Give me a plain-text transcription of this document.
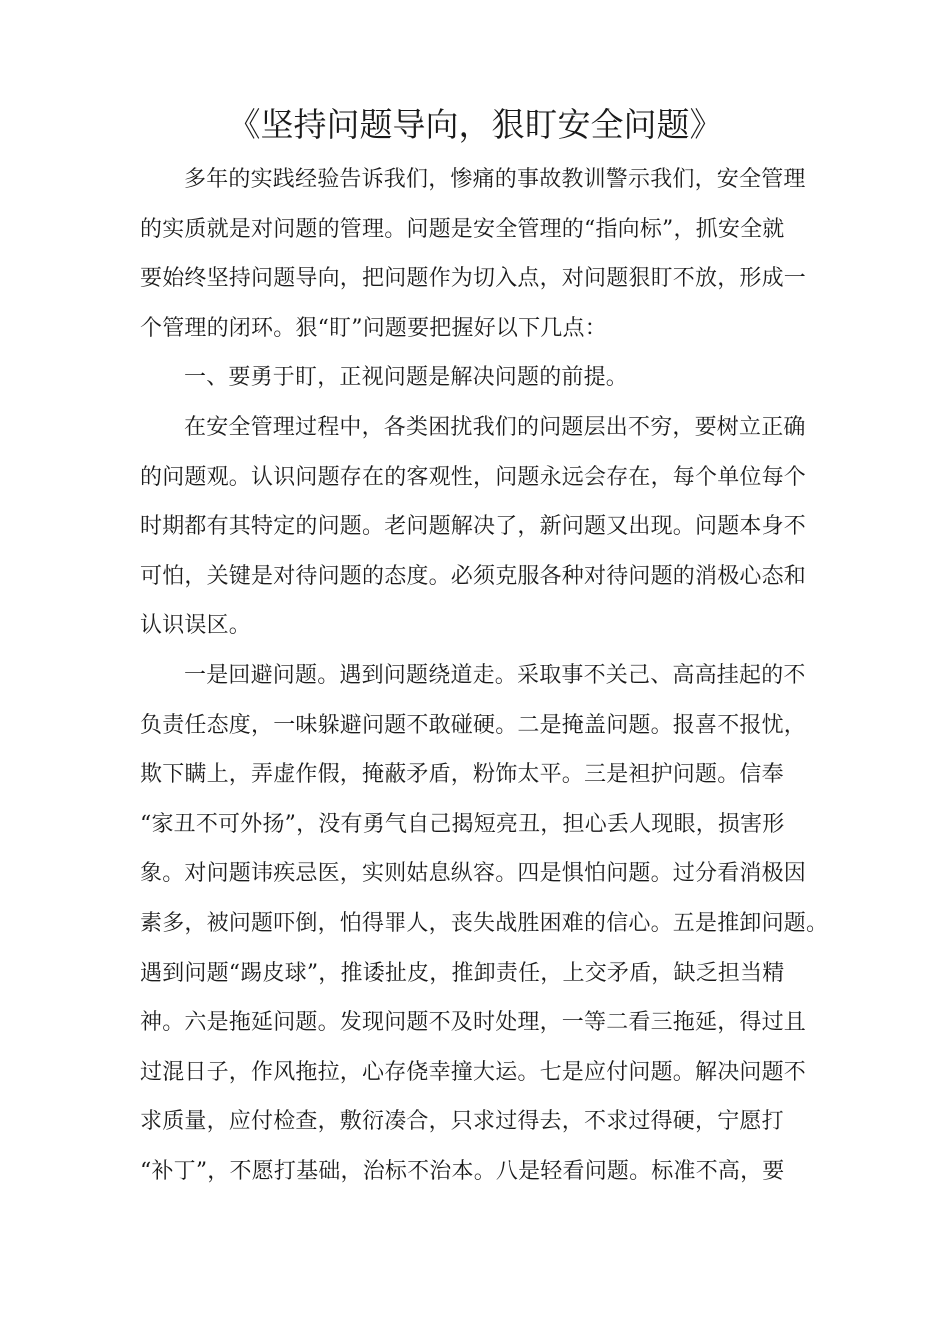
《坚持问题导向，狠盯安全问题》

多年的实践经验告诉我们，惨痛的事故教训警示我们，安全管理
的实质就是对问题的管理。问题是安全管理的“指向标”，抓安全就
要始终坚持问题导向，把问题作为切入点，对问题狠盯不放，形成一
个管理的闭环。狠“盯”问题要把握好以下几点：

一、要勇于盯，正视问题是解决问题的前提。

在安全管理过程中，各类困扰我们的问题层出不穷，要树立正确
的问题观。认识问题存在的客观性，问题永远会存在，每个单位每个
时期都有其特定的问题。老问题解决了，新问题又出现。问题本身不
可怕，关键是对待问题的态度。必须克服各种对待问题的消极心态和
认识误区。

一是回避问题。遇到问题绕道走。采取事不关己、高高挂起的不
负责任态度，一味躲避问题不敢碰硬。二是掩盖问题。报喜不报忧，
欺下瞒上，弄虚作假，掩蔽矛盾，粉饰太平。三是袒护问题。信奉
“家丑不可外扬”，没有勇气自己揭短亮丑，担心丢人现眼，损害形
象。对问题讳疾忌医，实则姑息纵容。四是惧怕问题。过分看消极因
素多，被问题吓倒，怕得罪人，丧失战胜困难的信心。五是推卸问题。
遇到问题“踢皮球”，推诿扯皮，推卸责任，上交矛盾，缺乏担当精
神。六是拖延问题。发现问题不及时处理，一等二看三拖延，得过且
过混日子，作风拖拉，心存侥幸撞大运。七是应付问题。解决问题不
求质量，应付检查，敷衍凑合，只求过得去，不求过得硬，宁愿打
“补丁”，不愿打基础，治标不治本。八是轻看问题。标准不高，要
